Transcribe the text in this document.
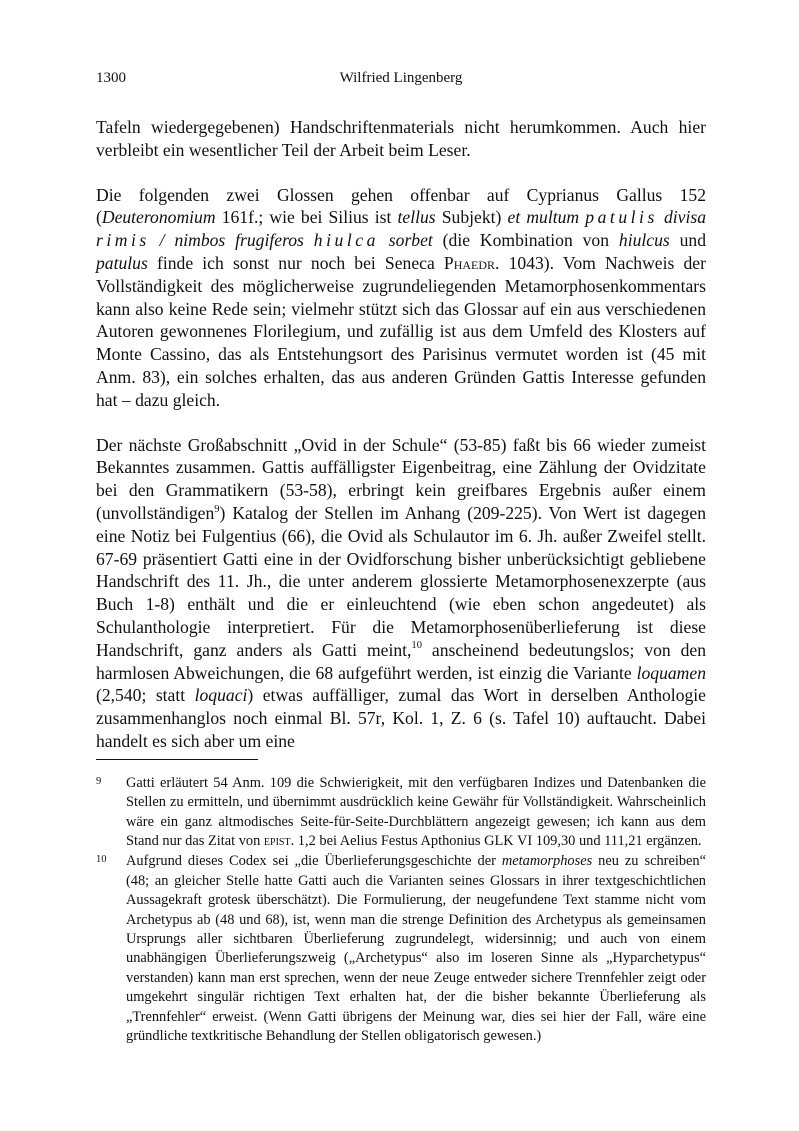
1300	Wilfried Lingenberg

Tafeln wiedergegebenen) Handschriftenmaterials nicht herumkommen. Auch hier verbleibt ein wesentlicher Teil der Arbeit beim Leser.

Die folgenden zwei Glossen gehen offenbar auf Cyprianus Gallus 152 (Deuteronomium 161f.; wie bei Silius ist tellus Subjekt) et multum patulis divisa rimis / nimbos frugiferos hiulca sorbet (die Kombination von hiulcus und patulus finde ich sonst nur noch bei Seneca Phaedr. 1043). Vom Nachweis der Vollständigkeit des möglicherweise zugrundeliegenden Metamorphosenkommentars kann also keine Rede sein; vielmehr stützt sich das Glossar auf ein aus verschiedenen Autoren gewonnenes Florilegium, und zufällig ist aus dem Umfeld des Klosters auf Monte Cassino, das als Entstehungsort des Parisinus vermutet worden ist (45 mit Anm. 83), ein solches erhalten, das aus anderen Gründen Gattis Interesse gefunden hat – dazu gleich.

Der nächste Großabschnitt „Ovid in der Schule“ (53-85) faßt bis 66 wieder zumeist Bekanntes zusammen. Gattis auffälligster Eigenbeitrag, eine Zählung der Ovidzitate bei den Grammatikern (53-58), erbringt kein greifbares Ergebnis außer einem (unvollständigen$^9$) Katalog der Stellen im Anhang (209-225). Von Wert ist dagegen eine Notiz bei Fulgentius (66), die Ovid als Schulautor im 6. Jh. außer Zweifel stellt. 67-69 präsentiert Gatti eine in der Ovidforschung bisher unberücksichtigt gebliebene Handschrift des 11. Jh., die unter anderem glossierte Metamorphosenexzerpte (aus Buch 1-8) enthält und die er einleuchtend (wie eben schon angedeutet) als Schulanthologie interpretiert. Für die Metamorphosenüberlieferung ist diese Handschrift, ganz anders als Gatti meint,$^{10}$ anscheinend bedeutungslos; von den harmlosen Abweichungen, die 68 aufgeführt werden, ist einzig die Variante loquamen (2,540; statt loquaci) etwas auffälliger, zumal das Wort in derselben Anthologie zusammenhanglos noch einmal Bl. 57r, Kol. 1, Z. 6 (s. Tafel 10) auftaucht. Dabei handelt es sich aber um eine

9 Gatti erläutert 54 Anm. 109 die Schwierigkeit, mit den verfügbaren Indizes und Datenbanken die Stellen zu ermitteln, und übernimmt ausdrücklich keine Gewähr für Vollständigkeit. Wahrscheinlich wäre ein ganz altmodisches Seite-für-Seite-Durchblättern angezeigt gewesen; ich kann aus dem Stand nur das Zitat von epist. 1,2 bei Aelius Festus Apthonius GLK VI 109,30 und 111,21 ergänzen.

10 Aufgrund dieses Codex sei „die Überlieferungsgeschichte der metamorphoses neu zu schreiben“ (48; an gleicher Stelle hatte Gatti auch die Varianten seines Glossars in ihrer textgeschichtlichen Aussagekraft grotesk überschätzt). Die Formulierung, der neugefundene Text stamme nicht vom Archetypus ab (48 und 68), ist, wenn man die strenge Definition des Archetypus als gemeinsamen Ursprungs aller sichtbaren Überlieferung zugrundelegt, widersinnig; und auch von einem unabhängigen Überlieferungszweig („Archetypus“ also im loseren Sinne als „Hyparchetypus“ verstanden) kann man erst sprechen, wenn der neue Zeuge entweder sichere Trennfehler zeigt oder umgekehrt singulär richtigen Text erhalten hat, der die bisher bekannte Überlieferung als „Trennfehler“ erweist. (Wenn Gatti übrigens der Meinung war, dies sei hier der Fall, wäre eine gründliche textkritische Behandlung der Stellen obligatorisch gewesen.)
